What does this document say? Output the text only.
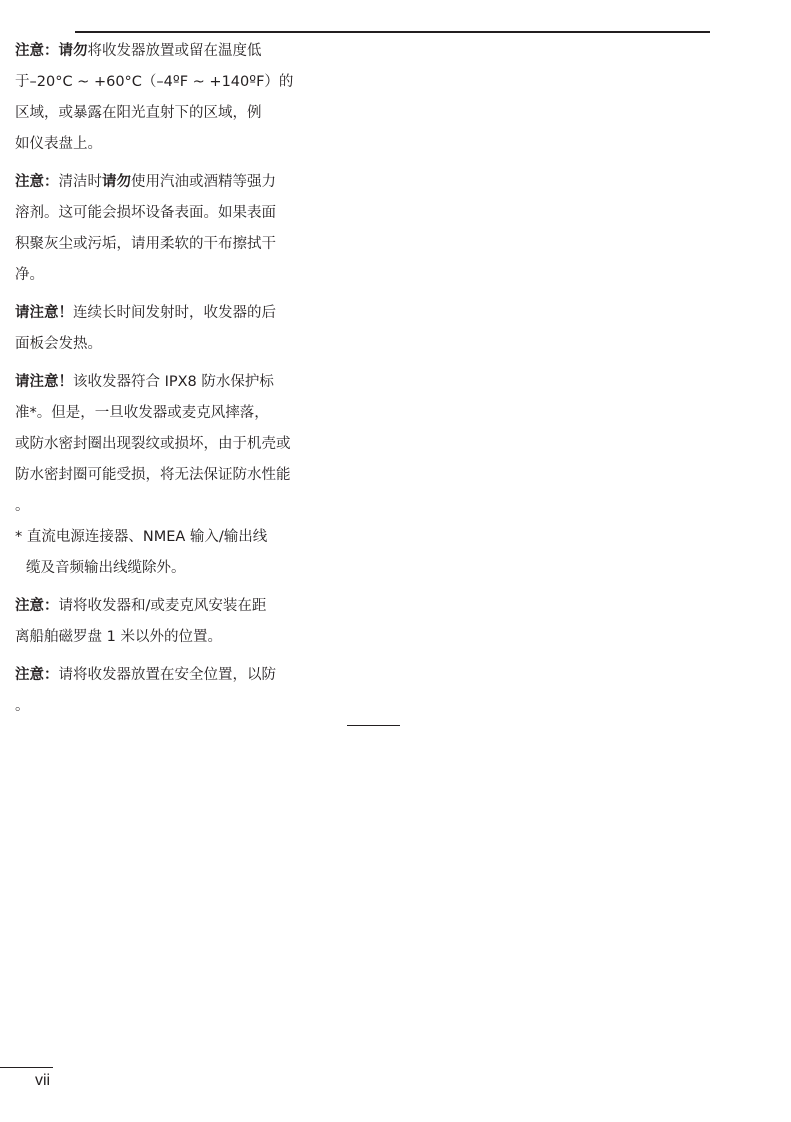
注意：请勿将收发器放置或留在温度低
于–20°C ~ +60°C（–4ºF ~ +140ºF）的
区域，或暴露在阳光直射下的区域，例
如仪表盘上。
注意：清洁时请勿使用汽油或酒精等强力
溶剂。这可能会损坏设备表面。如果表面
积聚灰尘或污垢，请用柔软的干布擦拭干
净。
请注意！连续长时间发射时，收发器的后
面板会发热。
请注意！该收发器符合 IPX8 防水保护标
准*。但是，一旦收发器或麦克风摔落，
或防水密封圈出现裂纹或损坏，由于机壳或
防水密封圈可能受损，将无法保证防水性能
。
* 直流电源连接器、NMEA 输入/输出线
缆及音频输出线缆除外。
注意：请将收发器和/或麦克风安装在距
离船舶磁罗盘 1 米以外的位置。
注意：请将收发器放置在安全位置，以防
。
vii
